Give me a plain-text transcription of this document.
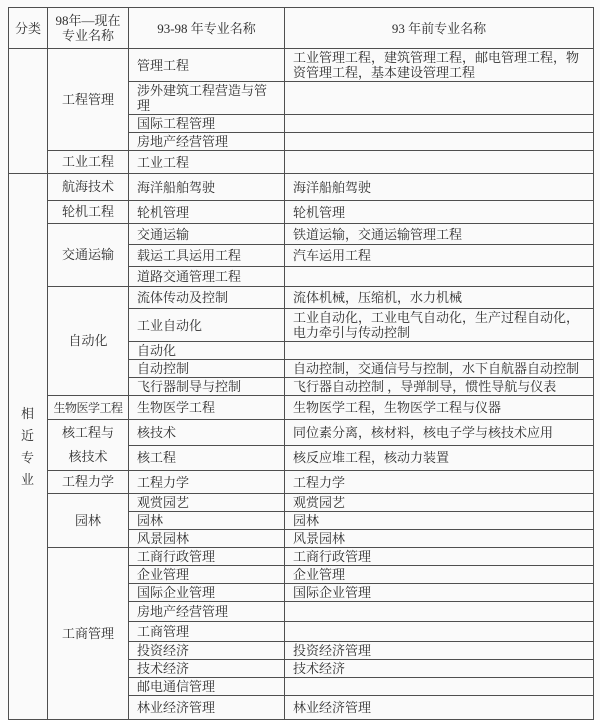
分类	98年—现在专业名称	93-98 年专业名称	93 年前专业名称
	工程管理	管理工程	工业管理工程，建筑管理工程，邮电管理工程，物资管理工程，基本建设管理工程
		涉外建筑工程营造与管理	
		国际工程管理	
		房地产经营管理	
	工业工程	工业工程	
相近专业	航海技术	海洋船舶驾驶	海洋船舶驾驶
	轮机工程	轮机管理	轮机管理
	交通运输	交通运输	铁道运输，交通运输管理工程
		载运工具运用工程	汽车运用工程
		道路交通管理工程	
	自动化	流体传动及控制	流体机械，压缩机，水力机械
		工业自动化	工业自动化，工业电气自动化，生产过程自动化，电力牵引与传动控制
		自动化	
		自动控制	自动控制，交通信号与控制，水下自航器自动控制
		飞行器制导与控制	飞行器自动控制 ，导弹制导，惯性导航与仪表
	生物医学工程	生物医学工程	生物医学工程，生物医学工程与仪器
	核工程与核技术	核技术	同位素分离，核材料，核电子学与核技术应用
		核工程	核反应堆工程，核动力装置
	工程力学	工程力学	工程力学
	园林	观赏园艺	观赏园艺
		园林	园林
		风景园林	风景园林
	工商管理	工商行政管理	工商行政管理
		企业管理	企业管理
		国际企业管理	国际企业管理
		房地产经营管理	
		工商管理	
		投资经济	投资经济管理
		技术经济	技术经济
		邮电通信管理	
		林业经济管理	林业经济管理
